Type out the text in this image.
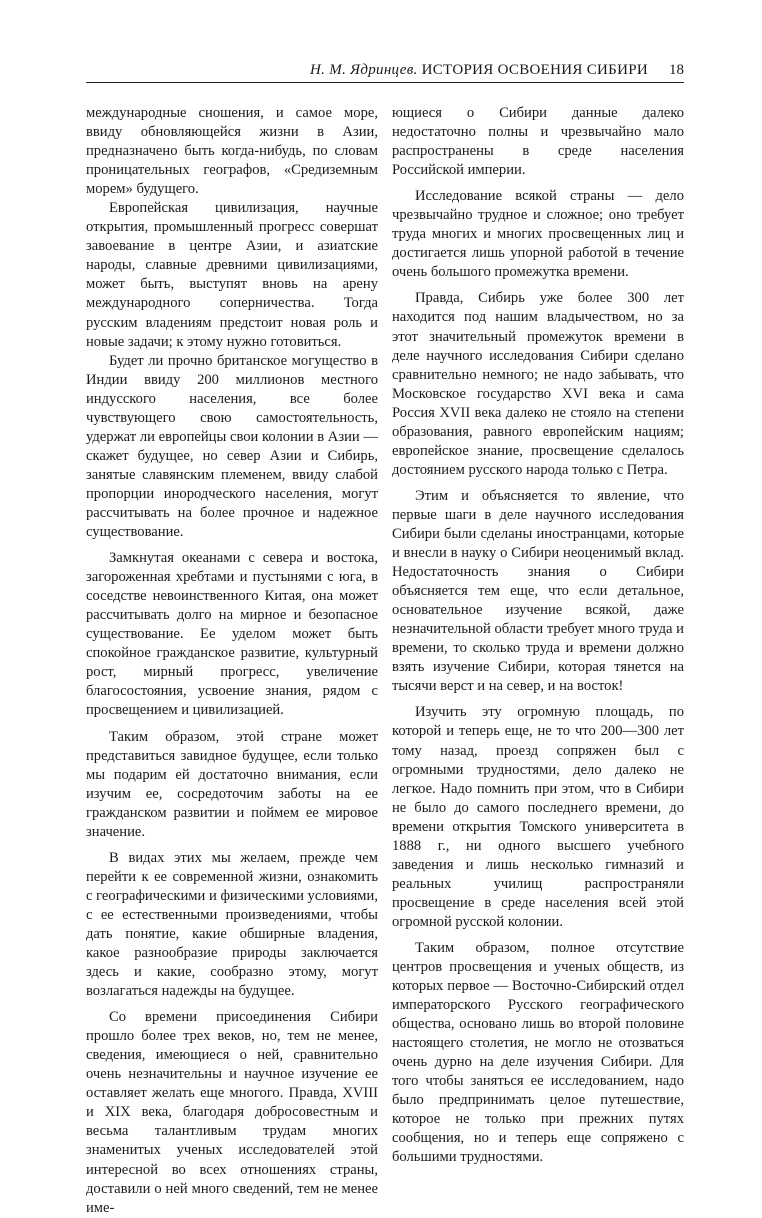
Н. М. Ядринцев. ИСТОРИЯ ОСВОЕНИЯ СИБИРИ 18

международные сношения, и самое море, ввиду обновляющейся жизни в Азии, предназначено быть когда-нибудь, по словам проницательных географов, «Средиземным морем» будущего.

Европейская цивилизация, научные открытия, промышленный прогресс совершат завоевание в центре Азии, и азиатские народы, славные древними цивилизациями, может быть, выступят вновь на арену международного соперничества. Тогда русским владениям предстоит новая роль и новые задачи; к этому нужно готовиться.

Будет ли прочно британское могущество в Индии ввиду 200 миллионов местного индусского населения, все более чувствующего свою самостоятельность, удержат ли европейцы свои колонии в Азии — скажет будущее, но север Азии и Сибирь, занятые славянским племенем, ввиду слабой пропорции инородческого населения, могут рассчитывать на более прочное и надежное существование.

Замкнутая океанами с севера и востока, загороженная хребтами и пустынями с юга, в соседстве невоинственного Китая, она может рассчитывать долго на мирное и безопасное существование. Ее уделом может быть спокойное гражданское развитие, культурный рост, мирный прогресс, увеличение благосостояния, усвоение знания, рядом с просвещением и цивилизацией.

Таким образом, этой стране может представиться завидное будущее, если только мы подарим ей достаточно внимания, если изучим ее, сосредоточим заботы на ее гражданском развитии и поймем ее мировое значение.

В видах этих мы желаем, прежде чем перейти к ее современной жизни, ознакомить с географическими и физическими условиями, с ее естественными произведениями, чтобы дать понятие, какие обширные владения, какое разнообразие природы заключается здесь и какие, сообразно этому, могут возлагаться надежды на будущее.

Со времени присоединения Сибири прошло более трех веков, но, тем не менее, сведения, имеющиеся о ней, сравнительно очень незначительны и научное изучение ее оставляет желать еще многого. Правда, XVIII и XIX века, благодаря добросовестным и весьма талантливым трудам многих знаменитых ученых исследователей этой интересной во всех отношениях страны, доставили о ней много сведений, тем не менее име-

ющиеся о Сибири данные далеко недостаточно полны и чрезвычайно мало распространены в среде населения Российской империи.

Исследование всякой страны — дело чрезвычайно трудное и сложное; оно требует труда многих и многих просвещенных лиц и достигается лишь упорной работой в течение очень большого промежутка времени.

Правда, Сибирь уже более 300 лет находится под нашим владычеством, но за этот значительный промежуток времени в деле научного исследования Сибири сделано сравнительно немного; не надо забывать, что Московское государство XVI века и сама Россия XVII века далеко не стояло на степени образования, равного европейским нациям; европейское знание, просвещение сделалось достоянием русского народа только с Петра.

Этим и объясняется то явление, что первые шаги в деле научного исследования Сибири были сделаны иностранцами, которые и внесли в науку о Сибири неоценимый вклад. Недостаточность знания о Сибири объясняется тем еще, что если детальное, основательное изучение всякой, даже незначительной области требует много труда и времени, то сколько труда и времени должно взять изучение Сибири, которая тянется на тысячи верст и на север, и на восток!

Изучить эту огромную площадь, по которой и теперь еще, не то что 200—300 лет тому назад, проезд сопряжен был с огромными трудностями, дело далеко не легкое. Надо помнить при этом, что в Сибири не было до самого последнего времени, до времени открытия Томского университета в 1888 г., ни одного высшего учебного заведения и лишь несколько гимназий и реальных училищ распространяли просвещение в среде населения всей этой огромной русской колонии.

Таким образом, полное отсутствие центров просвещения и ученых обществ, из которых первое — Восточно-Сибирский отдел императорского Русского географического общества, основано лишь во второй половине настоящего столетия, не могло не отозваться очень дурно на деле изучения Сибири. Для того чтобы заняться ее исследованием, надо было предпринимать целое путешествие, которое не только при прежних путях сообщения, но и теперь еще сопряжено с большими трудностями.
